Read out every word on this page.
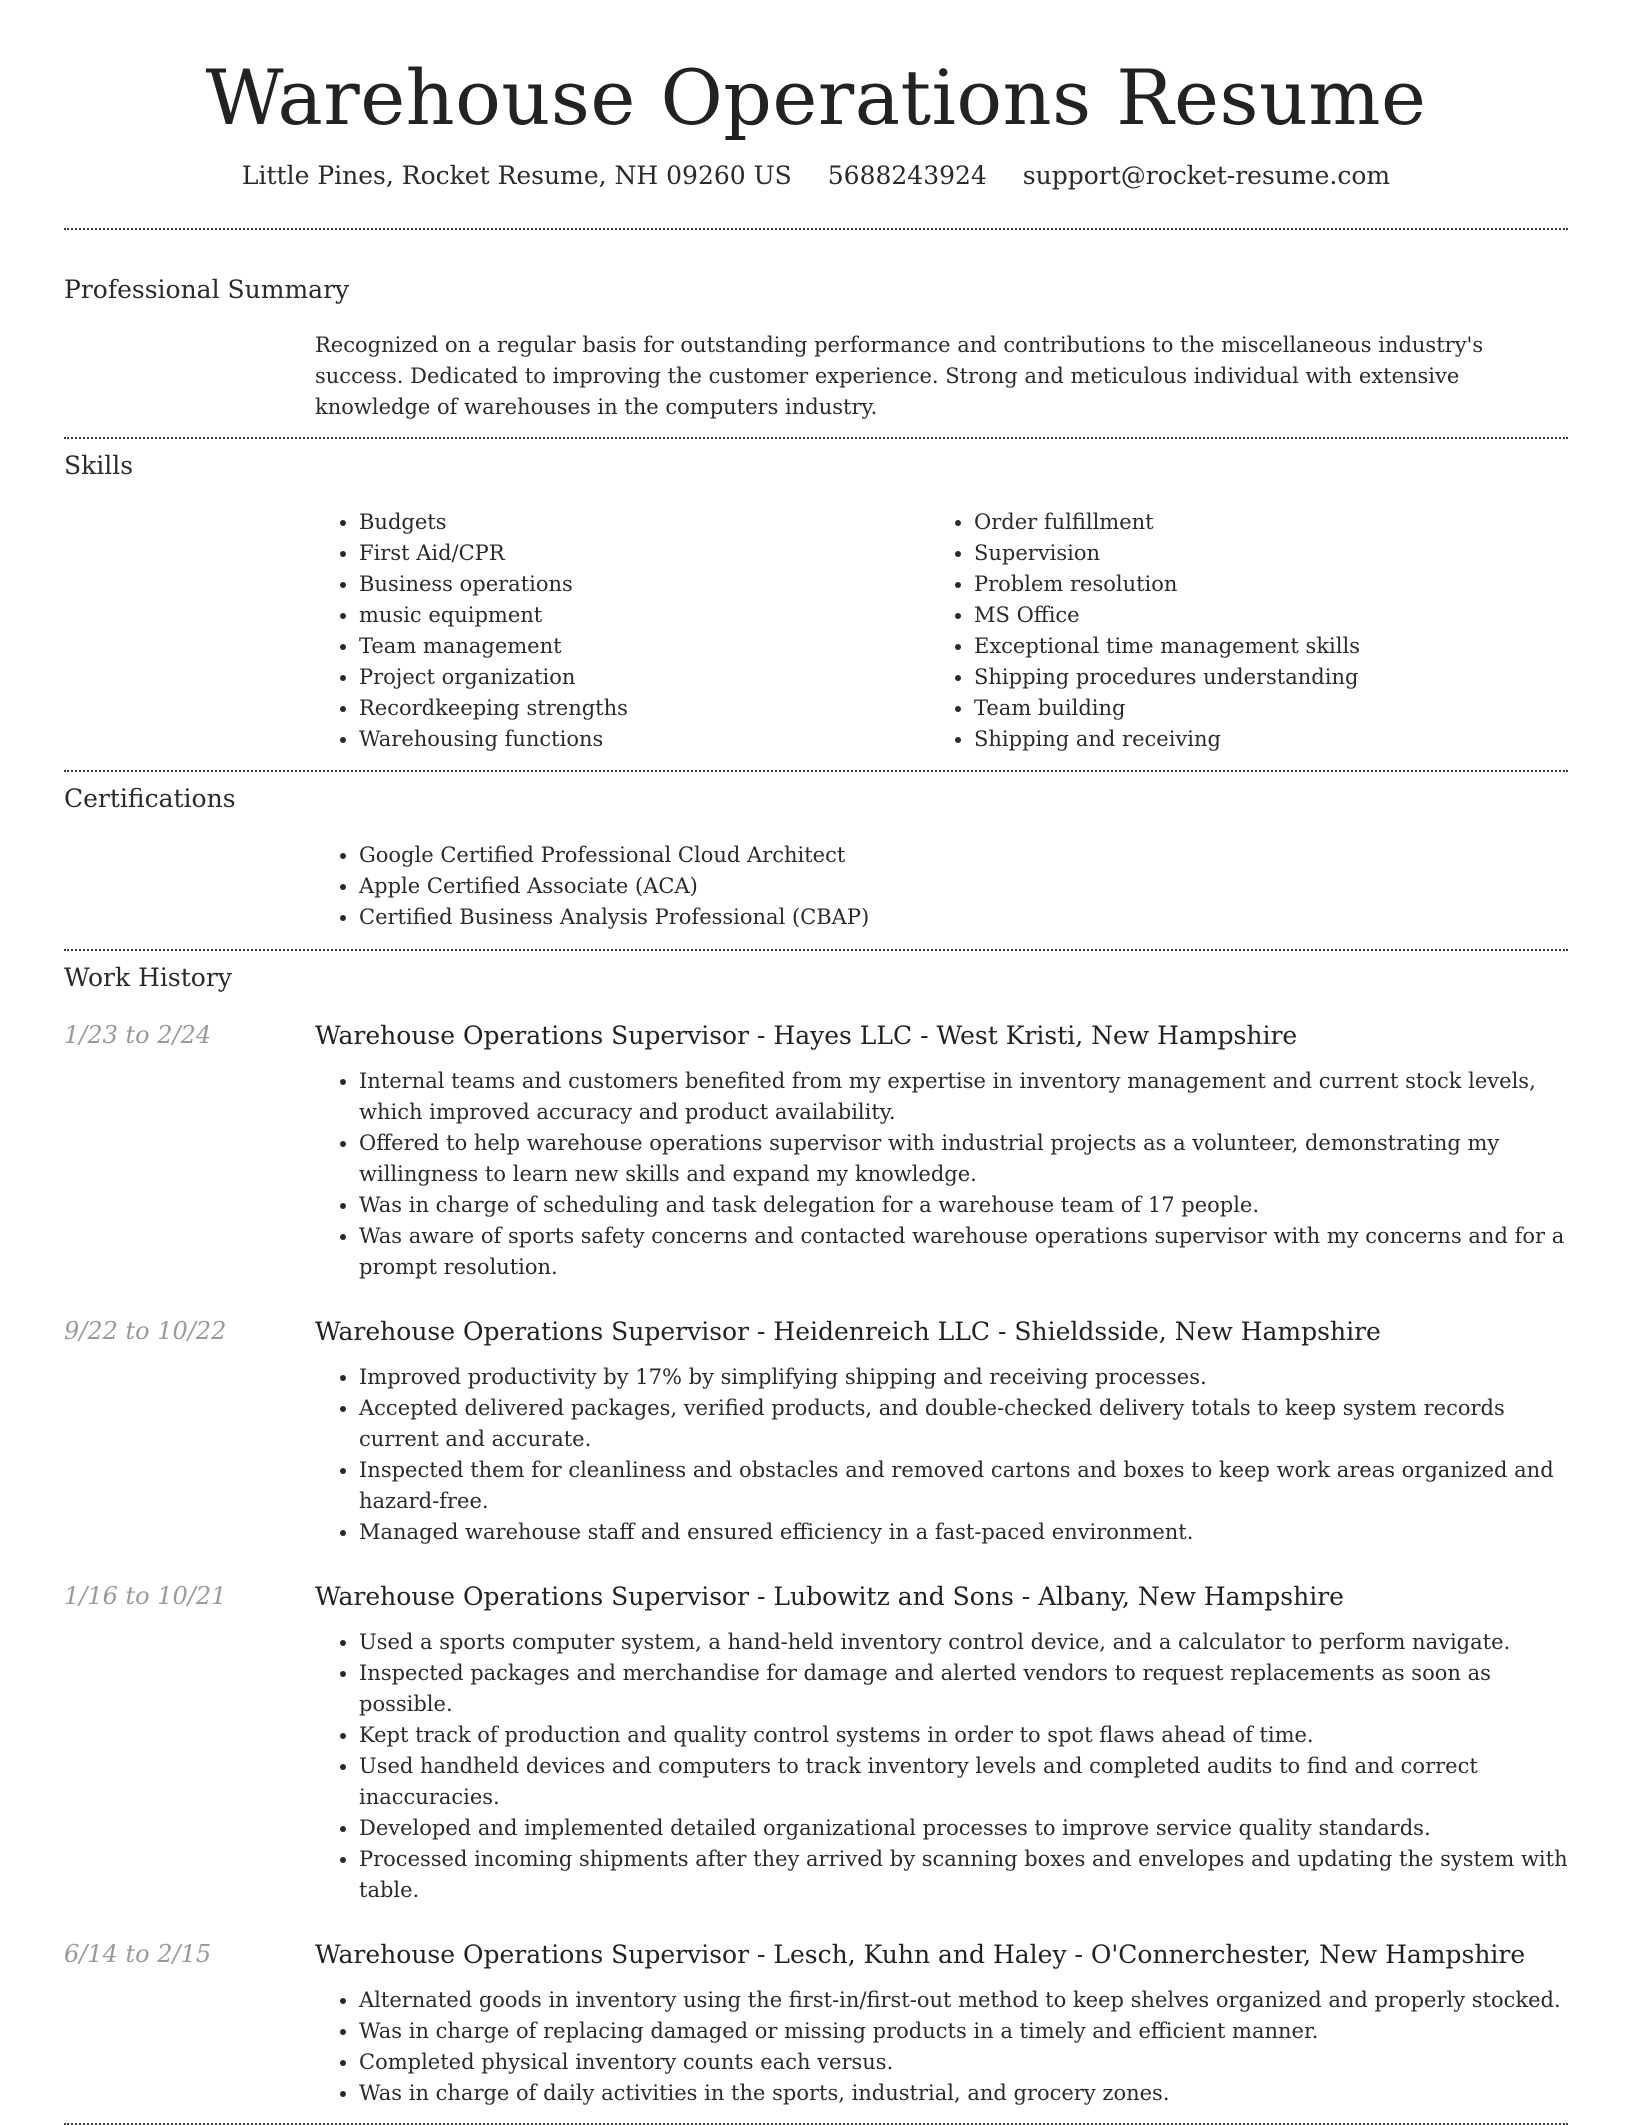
Warehouse Operations Resume
Little Pines, Rocket Resume, NH 09260 US 5688243924 support@rocket-resume.com
Professional Summary
Recognized on a regular basis for outstanding performance and contributions to the miscellaneous industry's success. Dedicated to improving the customer experience. Strong and meticulous individual with extensive knowledge of warehouses in the computers industry.
Skills
• Budgets
• First Aid/CPR
• Business operations
• music equipment
• Team management
• Project organization
• Recordkeeping strengths
• Warehousing functions
• Order fulfillment
• Supervision
• Problem resolution
• MS Office
• Exceptional time management skills
• Shipping procedures understanding
• Team building
• Shipping and receiving
Certifications
• Google Certified Professional Cloud Architect
• Apple Certified Associate (ACA)
• Certified Business Analysis Professional (CBAP)
Work History
1/23 to 2/24	Warehouse Operations Supervisor - Hayes LLC - West Kristi, New Hampshire
• Internal teams and customers benefited from my expertise in inventory management and current stock levels, which improved accuracy and product availability.
• Offered to help warehouse operations supervisor with industrial projects as a volunteer, demonstrating my willingness to learn new skills and expand my knowledge.
• Was in charge of scheduling and task delegation for a warehouse team of 17 people.
• Was aware of sports safety concerns and contacted warehouse operations supervisor with my concerns and for a prompt resolution.
9/22 to 10/22	Warehouse Operations Supervisor - Heidenreich LLC - Shieldsside, New Hampshire
• Improved productivity by 17% by simplifying shipping and receiving processes.
• Accepted delivered packages, verified products, and double-checked delivery totals to keep system records current and accurate.
• Inspected them for cleanliness and obstacles and removed cartons and boxes to keep work areas organized and hazard-free.
• Managed warehouse staff and ensured efficiency in a fast-paced environment.
1/16 to 10/21	Warehouse Operations Supervisor - Lubowitz and Sons - Albany, New Hampshire
• Used a sports computer system, a hand-held inventory control device, and a calculator to perform navigate.
• Inspected packages and merchandise for damage and alerted vendors to request replacements as soon as possible.
• Kept track of production and quality control systems in order to spot flaws ahead of time.
• Used handheld devices and computers to track inventory levels and completed audits to find and correct inaccuracies.
• Developed and implemented detailed organizational processes to improve service quality standards.
• Processed incoming shipments after they arrived by scanning boxes and envelopes and updating the system with table.
6/14 to 2/15	Warehouse Operations Supervisor - Lesch, Kuhn and Haley - O'Connerchester, New Hampshire
• Alternated goods in inventory using the first-in/first-out method to keep shelves organized and properly stocked.
• Was in charge of replacing damaged or missing products in a timely and efficient manner.
• Completed physical inventory counts each versus.
• Was in charge of daily activities in the sports, industrial, and grocery zones.
